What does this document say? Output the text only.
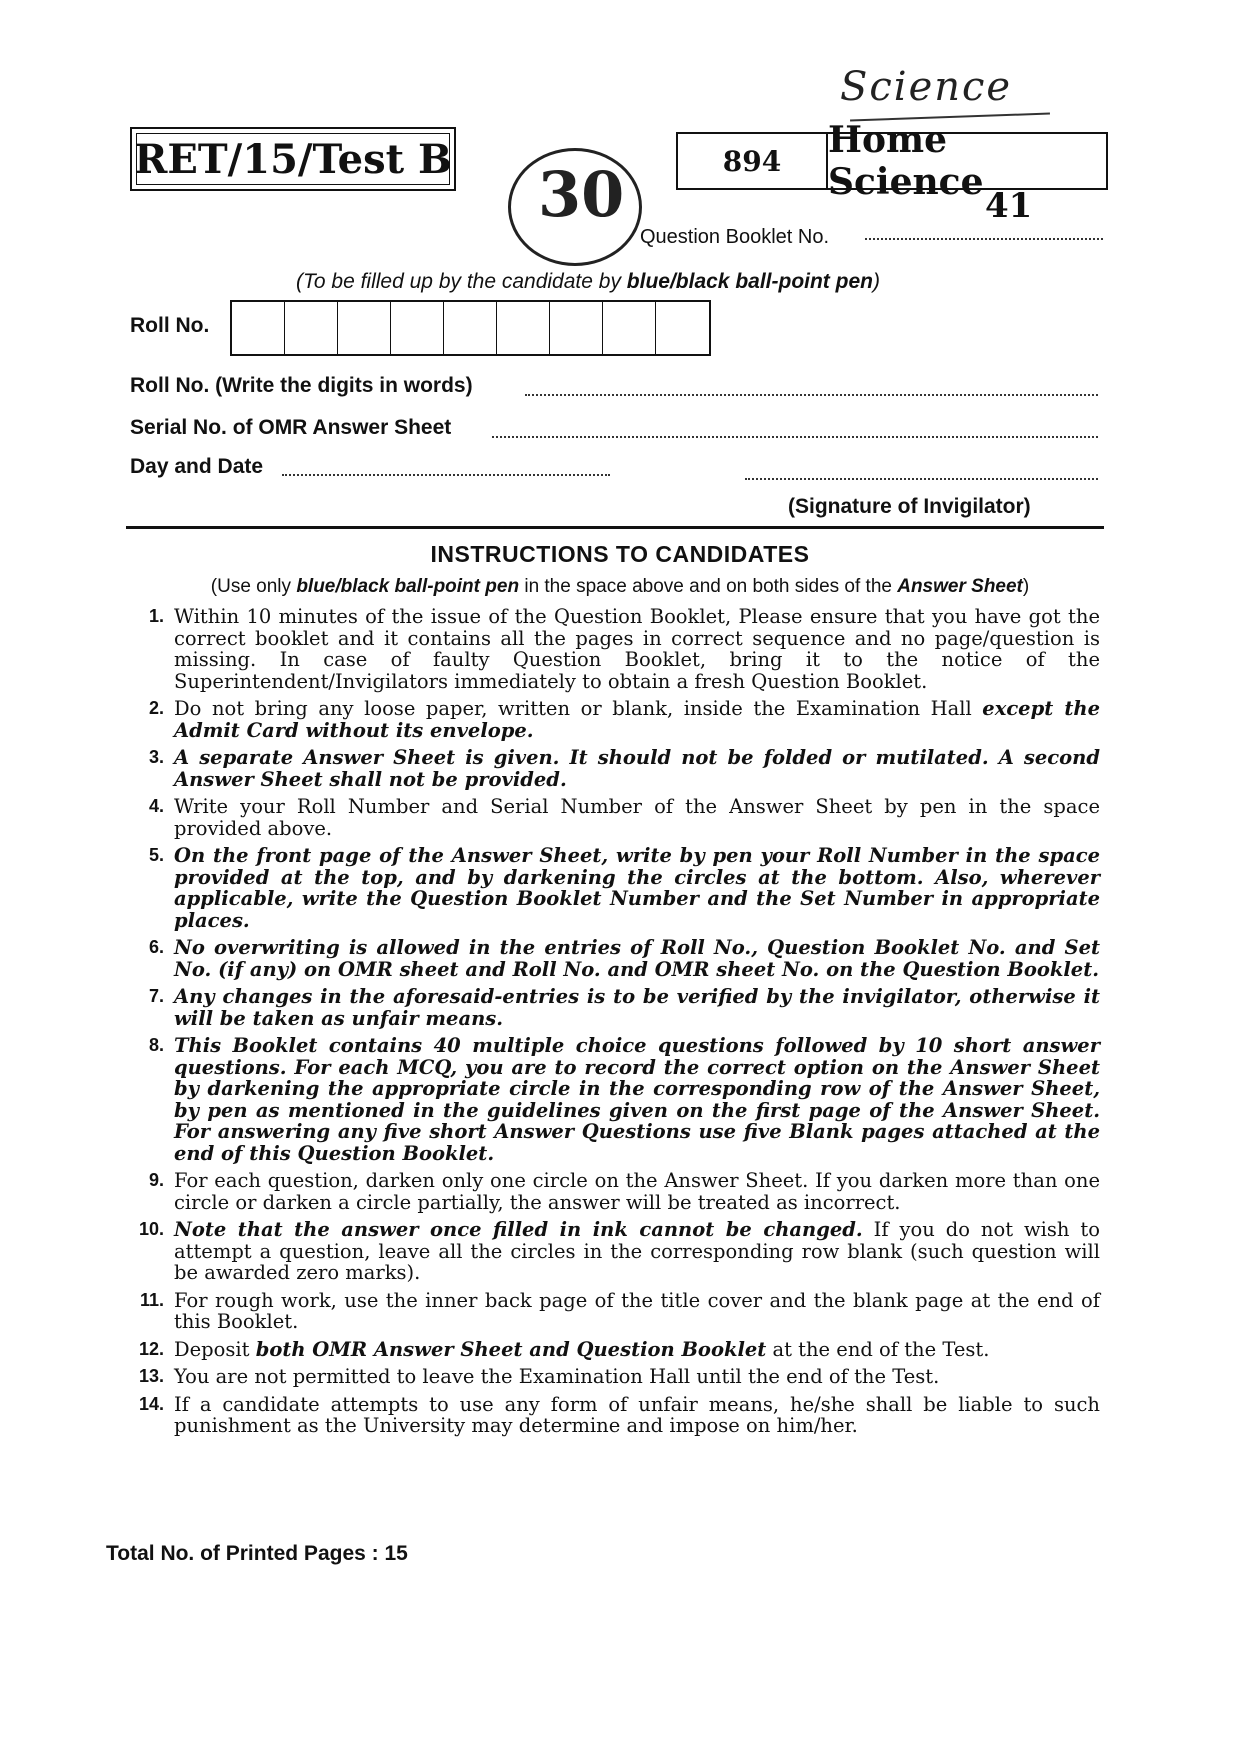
Science
30
RET/15/Test B	894	Home Science
41
Question Booklet No.
(To be filled up by the candidate by blue/black ball-point pen)
Roll No.
Roll No. (Write the digits in words)
Serial No. of OMR Answer Sheet
Day and Date
(Signature of Invigilator)
INSTRUCTIONS TO CANDIDATES
(Use only blue/black ball-point pen in the space above and on both sides of the Answer Sheet)
1. Within 10 minutes of the issue of the Question Booklet, Please ensure that you have got the correct booklet and it contains all the pages in correct sequence and no page/question is missing. In case of faulty Question Booklet, bring it to the notice of the Superintendent/Invigilators immediately to obtain a fresh Question Booklet.
2. Do not bring any loose paper, written or blank, inside the Examination Hall except the Admit Card without its envelope.
3. A separate Answer Sheet is given. It should not be folded or mutilated. A second Answer Sheet shall not be provided.
4. Write your Roll Number and Serial Number of the Answer Sheet by pen in the space provided above.
5. On the front page of the Answer Sheet, write by pen your Roll Number in the space provided at the top, and by darkening the circles at the bottom. Also, wherever applicable, write the Question Booklet Number and the Set Number in appropriate places.
6. No overwriting is allowed in the entries of Roll No., Question Booklet No. and Set No. (if any) on OMR sheet and Roll No. and OMR sheet No. on the Question Booklet.
7. Any changes in the aforesaid-entries is to be verified by the invigilator, otherwise it will be taken as unfair means.
8. This Booklet contains 40 multiple choice questions followed by 10 short answer questions. For each MCQ, you are to record the correct option on the Answer Sheet by darkening the appropriate circle in the corresponding row of the Answer Sheet, by pen as mentioned in the guidelines given on the first page of the Answer Sheet. For answering any five short Answer Questions use five Blank pages attached at the end of this Question Booklet.
9. For each question, darken only one circle on the Answer Sheet. If you darken more than one circle or darken a circle partially, the answer will be treated as incorrect.
10. Note that the answer once filled in ink cannot be changed. If you do not wish to attempt a question, leave all the circles in the corresponding row blank (such question will be awarded zero marks).
11. For rough work, use the inner back page of the title cover and the blank page at the end of this Booklet.
12. Deposit both OMR Answer Sheet and Question Booklet at the end of the Test.
13. You are not permitted to leave the Examination Hall until the end of the Test.
14. If a candidate attempts to use any form of unfair means, he/she shall be liable to such punishment as the University may determine and impose on him/her.
Total No. of Printed Pages : 15
